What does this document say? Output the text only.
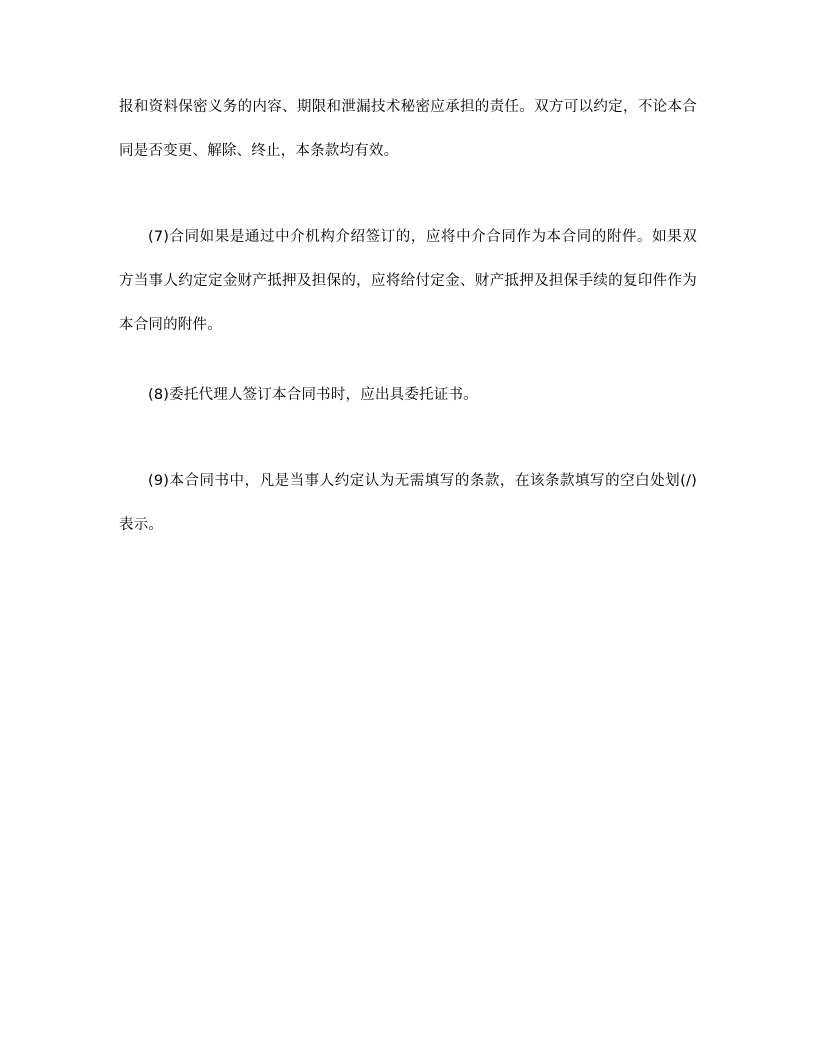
报和资料保密义务的内容、期限和泄漏技术秘密应承担的责任。双方可以约定，不论本合同是否变更、解除、终止，本条款均有效。

(7)合同如果是通过中介机构介绍签订的，应将中介合同作为本合同的附件。如果双方当事人约定定金财产抵押及担保的，应将给付定金、财产抵押及担保手续的复印件作为本合同的附件。

(8)委托代理人签订本合同书时，应出具委托证书。

(9)本合同书中，凡是当事人约定认为无需填写的条款，在该条款填写的空白处划(/)表示。
